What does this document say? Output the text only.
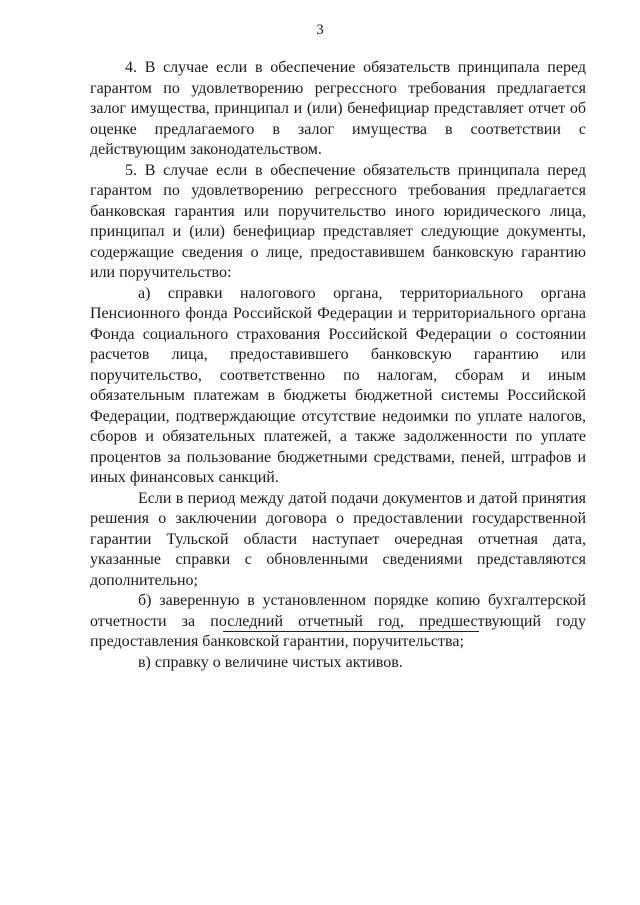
3

4. В случае если в обеспечение обязательств принципала перед гарантом по удовлетворению регрессного требования предлагается залог имущества, принципал и (или) бенефициар представляет отчет об оценке предлагаемого в залог имущества в соответствии с действующим законодательством.

5. В случае если в обеспечение обязательств принципала перед гарантом по удовлетворению регрессного требования предлагается банковская гарантия или поручительство иного юридического лица, принципал и (или) бенефициар представляет следующие документы, содержащие сведения о лице, предоставившем банковскую гарантию или поручительство:

а) справки налогового органа, территориального органа Пенсионного фонда Российской Федерации и территориального органа Фонда социального страхования Российской Федерации о состоянии расчетов лица, предоставившего банковскую гарантию или поручительство, соответственно по налогам, сборам и иным обязательным платежам в бюджеты бюджетной системы Российской Федерации, подтверждающие отсутствие недоимки по уплате налогов, сборов и обязательных платежей, а также задолженности по уплате процентов за пользование бюджетными средствами, пеней, штрафов и иных финансовых санкций.

Если в период между датой подачи документов и датой принятия решения о заключении договора о предоставлении государственной гарантии Тульской области наступает очередная отчетная дата, указанные справки с обновленными сведениями представляются дополнительно;

б) заверенную в установленном порядке копию бухгалтерской отчетности за последний отчетный год, предшествующий году предоставления банковской гарантии, поручительства;

в) справку о величине чистых активов.
